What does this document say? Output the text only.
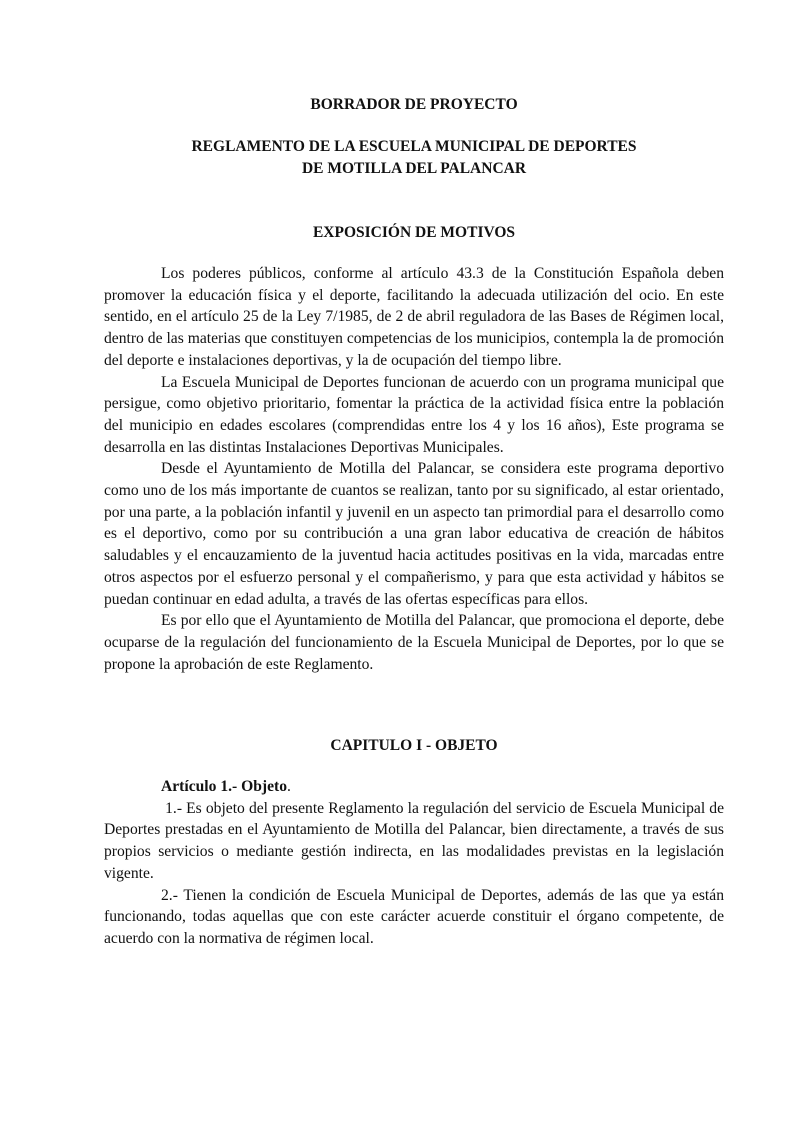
BORRADOR DE PROYECTO
REGLAMENTO DE LA ESCUELA MUNICIPAL DE DEPORTES
DE MOTILLA DEL PALANCAR
EXPOSICIÓN DE MOTIVOS

Los poderes públicos, conforme al artículo 43.3 de la Constitución Española deben promover la educación física y el deporte, facilitando la adecuada utilización del ocio. En este sentido, en el artículo 25 de la Ley 7/1985, de 2 de abril reguladora de las Bases de Régimen local, dentro de las materias que constituyen competencias de los municipios, contempla la de promoción del deporte e instalaciones deportivas, y la de ocupación del tiempo libre.

La Escuela Municipal de Deportes funcionan de acuerdo con un programa municipal que persigue, como objetivo prioritario, fomentar la práctica de la actividad física entre la población del municipio en edades escolares (comprendidas entre los 4 y los 16 años), Este programa se desarrolla en las distintas Instalaciones Deportivas Municipales.

Desde el Ayuntamiento de Motilla del Palancar, se considera este programa deportivo como uno de los más importante de cuantos se realizan, tanto por su significado, al estar orientado, por una parte, a la población infantil y juvenil en un aspecto tan primordial para el desarrollo como es el deportivo, como por su contribución a una gran labor educativa de creación de hábitos saludables y el encauzamiento de la juventud hacia actitudes positivas en la vida, marcadas entre otros aspectos por el esfuerzo personal y el compañerismo, y para que esta actividad y hábitos se puedan continuar en edad adulta, a través de las ofertas específicas para ellos.

Es por ello que el Ayuntamiento de Motilla del Palancar, que promociona el deporte, debe ocuparse de la regulación del funcionamiento de la Escuela Municipal de Deportes, por lo que se propone la aprobación de este Reglamento.

CAPITULO I - OBJETO

Artículo 1.- Objeto.

1.- Es objeto del presente Reglamento la regulación del servicio de Escuela Municipal de Deportes prestadas en el Ayuntamiento de Motilla del Palancar, bien directamente, a través de sus propios servicios o mediante gestión indirecta, en las modalidades previstas en la legislación vigente.

2.- Tienen la condición de Escuela Municipal de Deportes, además de las que ya están funcionando, todas aquellas que con este carácter acuerde constituir el órgano competente, de acuerdo con la normativa de régimen local.
